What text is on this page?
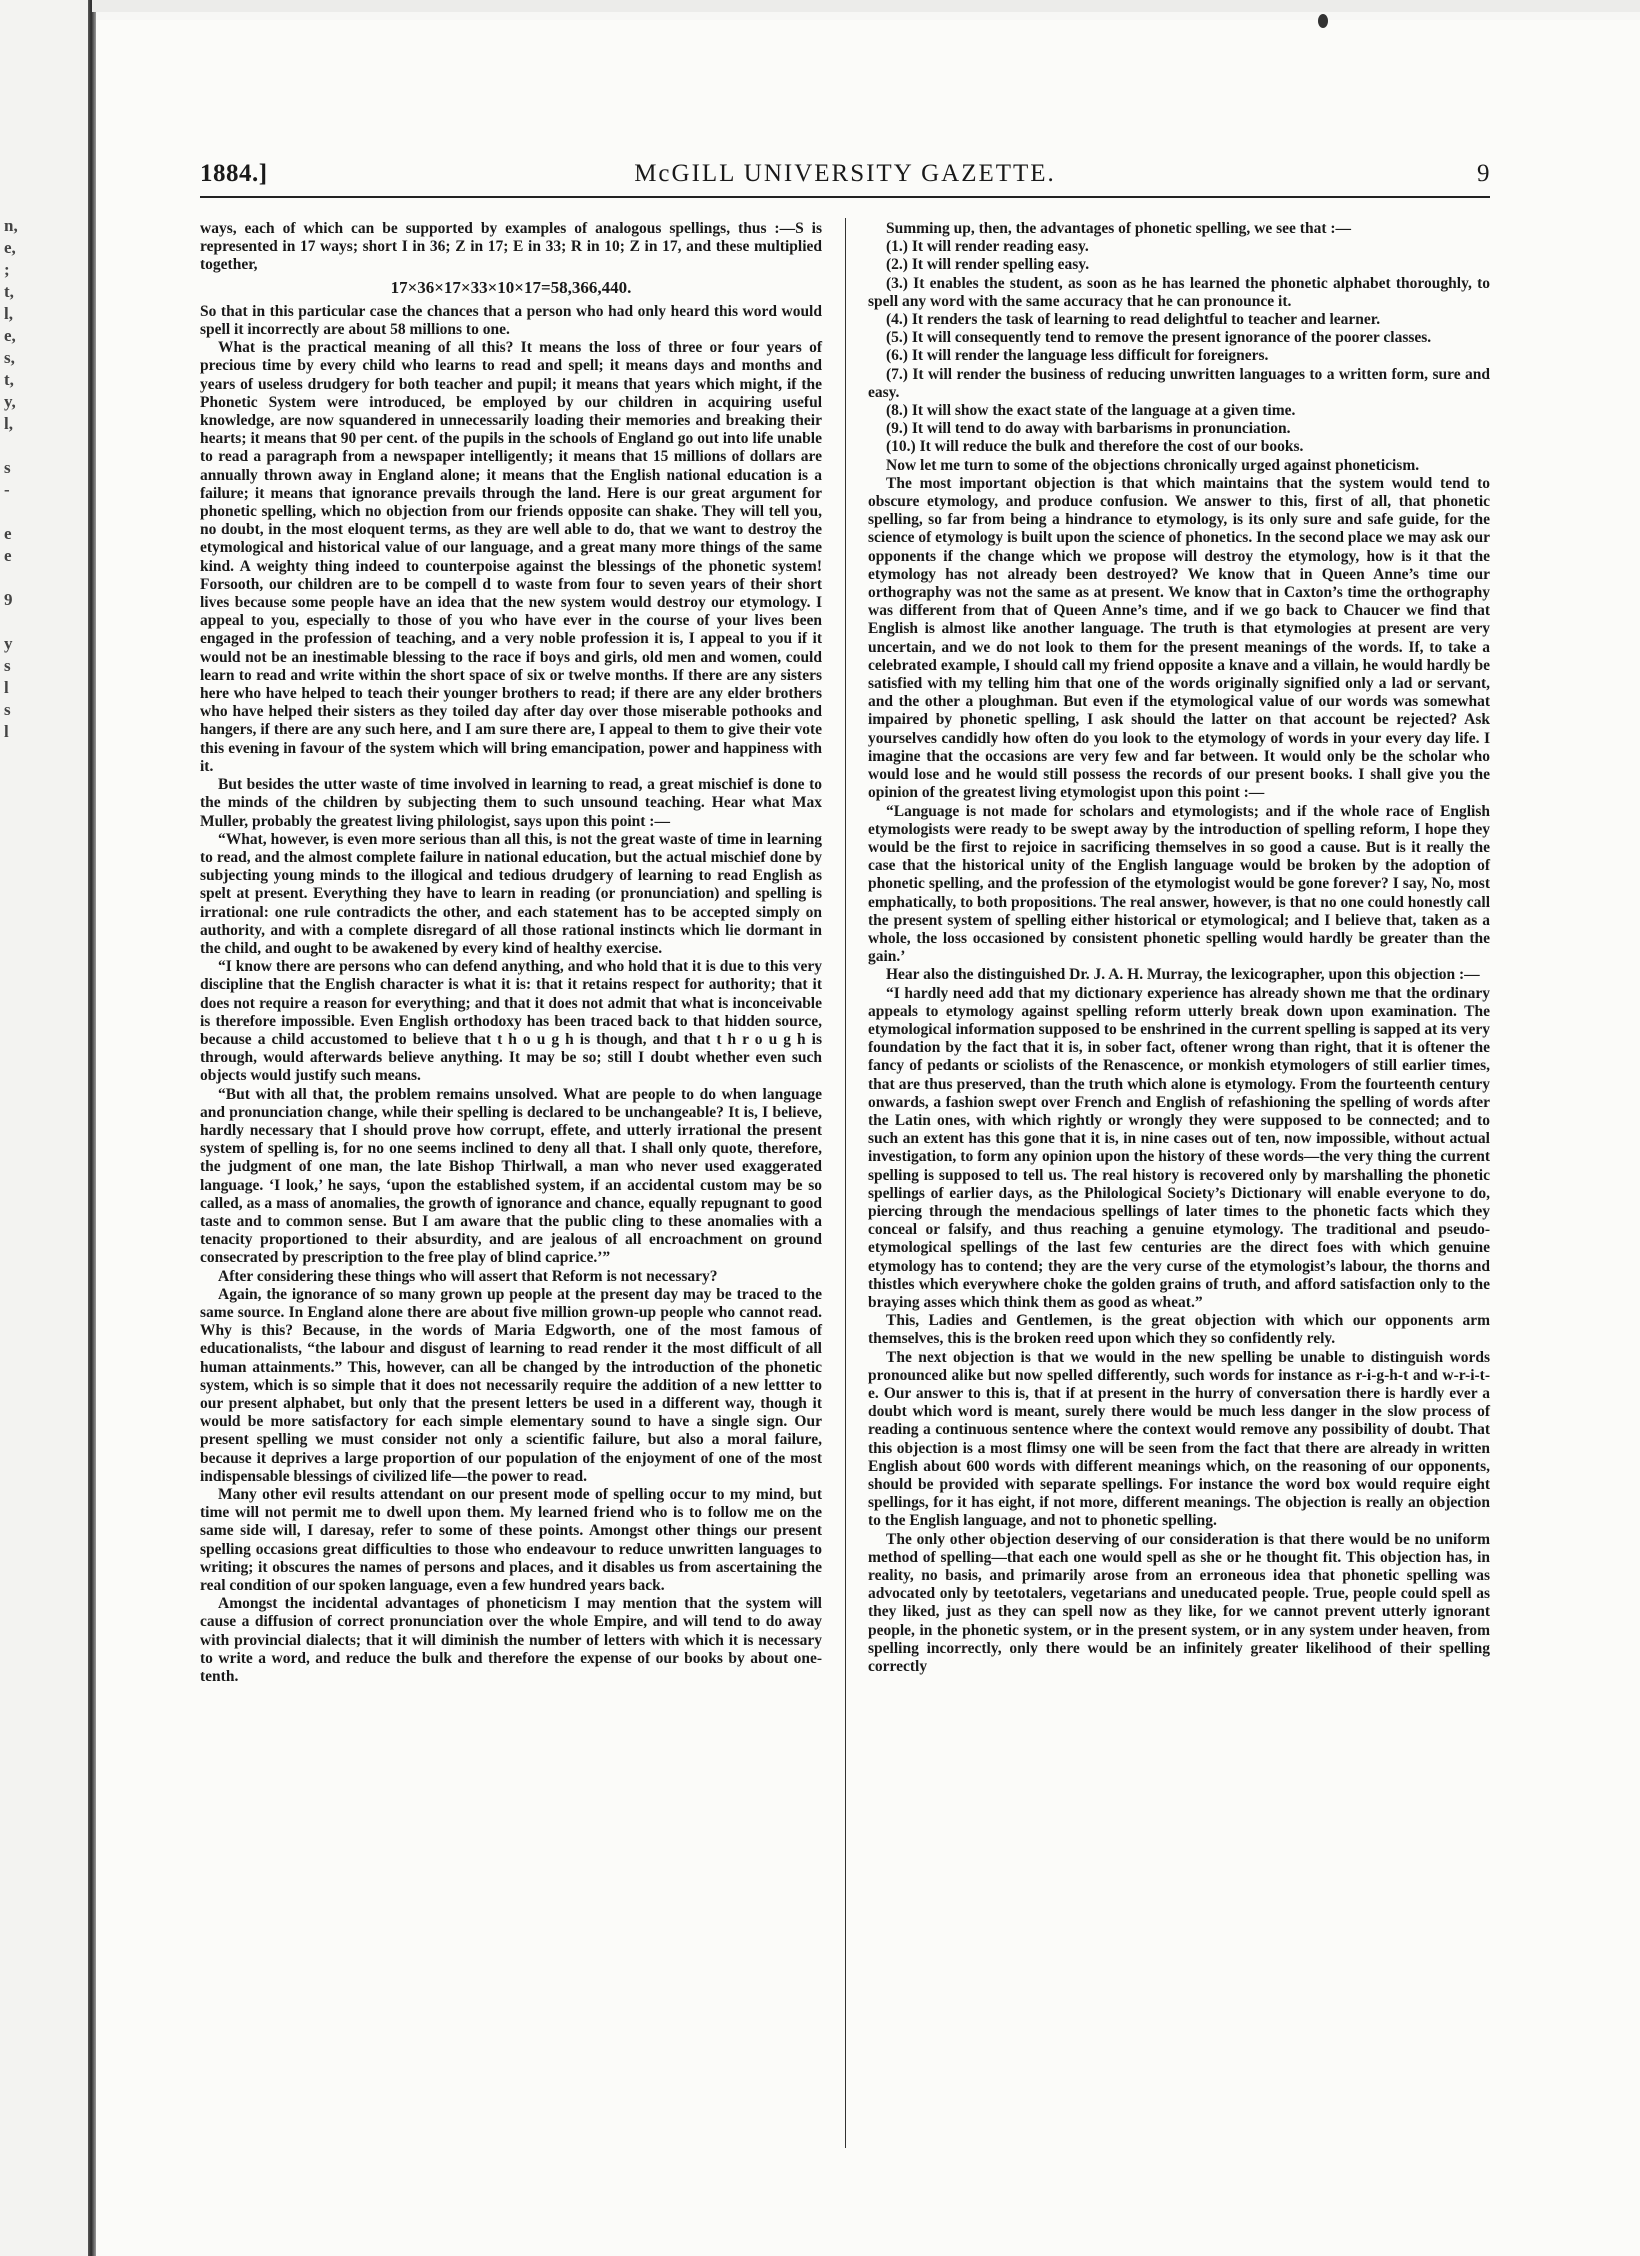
n,
e,
;
t,
l,
e,
s,
t,
y,
l,

s
-

e
e

9

y
s
l
s
l
1884.]	McGILL UNIVERSITY GAZETTE.	9

ways, each of which can be supported by examples of analogous spellings, thus :—S is represented in 17 ways; short I in 36; Z in 17; E in 33; R in 10; Z in 17, and these multiplied together,

17×36×17×33×10×17=58,366,440.

So that in this particular case the chances that a person who had only heard this word would spell it incorrectly are about 58 millions to one.

What is the practical meaning of all this? It means the loss of three or four years of precious time by every child who learns to read and spell; it means days and months and years of useless drudgery for both teacher and pupil; it means that years which might, if the Phonetic System were introduced, be employed by our children in acquiring useful knowledge, are now squandered in unnecessarily loading their memories and breaking their hearts; it means that 90 per cent. of the pupils in the schools of England go out into life unable to read a paragraph from a newspaper intelligently; it means that 15 millions of dollars are annually thrown away in England alone; it means that the English national education is a failure; it means that ignorance prevails through the land. Here is our great argument for phonetic spelling, which no objection from our friends opposite can shake. They will tell you, no doubt, in the most eloquent terms, as they are well able to do, that we want to destroy the etymological and historical value of our language, and a great many more things of the same kind. A weighty thing indeed to counterpoise against the blessings of the phonetic system! Forsooth, our children are to be compell d to waste from four to seven years of their short lives because some people have an idea that the new system would destroy our etymology. I appeal to you, especially to those of you who have ever in the course of your lives been engaged in the profession of teaching, and a very noble profession it is, I appeal to you if it would not be an inestimable blessing to the race if boys and girls, old men and women, could learn to read and write within the short space of six or twelve months. If there are any sisters here who have helped to teach their younger brothers to read; if there are any elder brothers who have helped their sisters as they toiled day after day over those miserable pothooks and hangers, if there are any such here, and I am sure there are, I appeal to them to give their vote this evening in favour of the system which will bring emancipation, power and happiness with it.

But besides the utter waste of time involved in learning to read, a great mischief is done to the minds of the children by subjecting them to such unsound teaching. Hear what Max Muller, probably the greatest living philologist, says upon this point :—

“What, however, is even more serious than all this, is not the great waste of time in learning to read, and the almost complete failure in national education, but the actual mischief done by subjecting young minds to the illogical and tedious drudgery of learning to read English as spelt at present. Everything they have to learn in reading (or pronunciation) and spelling is irrational: one rule contradicts the other, and each statement has to be accepted simply on authority, and with a complete disregard of all those rational instincts which lie dormant in the child, and ought to be awakened by every kind of healthy exercise.

“I know there are persons who can defend anything, and who hold that it is due to this very discipline that the English character is what it is: that it retains respect for authority; that it does not require a reason for everything; and that it does not admit that what is inconceivable is therefore impossible. Even English orthodoxy has been traced back to that hidden source, because a child accustomed to believe that t h o u g h is though, and that t h r o u g h is through, would afterwards believe anything. It may be so; still I doubt whether even such objects would justify such means.

“But with all that, the problem remains unsolved. What are people to do when language and pronunciation change, while their spelling is declared to be unchangeable? It is, I believe, hardly necessary that I should prove how corrupt, effete, and utterly irrational the present system of spelling is, for no one seems inclined to deny all that. I shall only quote, therefore, the judgment of one man, the late Bishop Thirlwall, a man who never used exaggerated language. ‘I look,’ he says, ‘upon the established system, if an accidental custom may be so called, as a mass of anomalies, the growth of ignorance and chance, equally repugnant to good taste and to common sense. But I am aware that the public cling to these anomalies with a tenacity proportioned to their absurdity, and are jealous of all encroachment on ground consecrated by prescription to the free play of blind caprice.’”

After considering these things who will assert that Reform is not necessary?

Again, the ignorance of so many grown up people at the present day may be traced to the same source. In England alone there are about five million grown-up people who cannot read. Why is this? Because, in the words of Maria Edgworth, one of the most famous of educationalists, “the labour and disgust of learning to read render it the most difficult of all human attainments.” This, however, can all be changed by the introduction of the phonetic system, which is so simple that it does not necessarily require the addition of a new lettter to our present alphabet, but only that the present letters be used in a different way, though it would be more satisfactory for each simple elementary sound to have a single sign. Our present spelling we must consider not only a scientific failure, but also a moral failure, because it deprives a large proportion of our population of the enjoyment of one of the most indispensable blessings of civilized life—the power to read.

Many other evil results attendant on our present mode of spelling occur to my mind, but time will not permit me to dwell upon them. My learned friend who is to follow me on the same side will, I daresay, refer to some of these points. Amongst other things our present spelling occasions great difficulties to those who endeavour to reduce unwritten languages to writing; it obscures the names of persons and places, and it disables us from ascertaining the real condition of our spoken language, even a few hundred years back.

Amongst the incidental advantages of phoneticism I may mention that the system will cause a diffusion of correct pronunciation over the whole Empire, and will tend to do away with provincial dialects; that it will diminish the number of letters with which it is necessary to write a word, and reduce the bulk and therefore the expense of our books by about one-tenth.

Summing up, then, the advantages of phonetic spelling, we see that :—

(1.) It will render reading easy.

(2.) It will render spelling easy.

(3.) It enables the student, as soon as he has learned the phonetic alphabet thoroughly, to spell any word with the same accuracy that he can pronounce it.

(4.) It renders the task of learning to read delightful to teacher and learner.

(5.) It will consequently tend to remove the present ignorance of the poorer classes.

(6.) It will render the language less difficult for foreigners.

(7.) It will render the business of reducing unwritten languages to a written form, sure and easy.

(8.) It will show the exact state of the language at a given time.

(9.) It will tend to do away with barbarisms in pronunciation.

(10.) It will reduce the bulk and therefore the cost of our books.

Now let me turn to some of the objections chronically urged against phoneticism.

The most important objection is that which maintains that the system would tend to obscure etymology, and produce confusion. We answer to this, first of all, that phonetic spelling, so far from being a hindrance to etymology, is its only sure and safe guide, for the science of etymology is built upon the science of phonetics. In the second place we may ask our opponents if the change which we propose will destroy the etymology, how is it that the etymology has not already been destroyed? We know that in Queen Anne’s time our orthography was not the same as at present. We know that in Caxton’s time the orthography was different from that of Queen Anne’s time, and if we go back to Chaucer we find that English is almost like another language. The truth is that etymologies at present are very uncertain, and we do not look to them for the present meanings of the words. If, to take a celebrated example, I should call my friend opposite a knave and a villain, he would hardly be satisfied with my telling him that one of the words originally signified only a lad or servant, and the other a ploughman. But even if the etymological value of our words was somewhat impaired by phonetic spelling, I ask should the latter on that account be rejected? Ask yourselves candidly how often do you look to the etymology of words in your every day life. I imagine that the occasions are very few and far between. It would only be the scholar who would lose and he would still possess the records of our present books. I shall give you the opinion of the greatest living etymologist upon this point :—

“Language is not made for scholars and etymologists; and if the whole race of English etymologists were ready to be swept away by the introduction of spelling reform, I hope they would be the first to rejoice in sacrificing themselves in so good a cause. But is it really the case that the historical unity of the English language would be broken by the adoption of phonetic spelling, and the profession of the etymologist would be gone forever? I say, No, most emphatically, to both propositions. The real answer, however, is that no one could honestly call the present system of spelling either historical or etymological; and I believe that, taken as a whole, the loss occasioned by consistent phonetic spelling would hardly be greater than the gain.’

Hear also the distinguished Dr. J. A. H. Murray, the lexicographer, upon this objection :—

“I hardly need add that my dictionary experience has already shown me that the ordinary appeals to etymology against spelling reform utterly break down upon examination. The etymological information supposed to be enshrined in the current spelling is sapped at its very foundation by the fact that it is, in sober fact, oftener wrong than right, that it is oftener the fancy of pedants or sciolists of the Renascence, or monkish etymologers of still earlier times, that are thus preserved, than the truth which alone is etymology. From the fourteenth century onwards, a fashion swept over French and English of refashioning the spelling of words after the Latin ones, with which rightly or wrongly they were supposed to be connected; and to such an extent has this gone that it is, in nine cases out of ten, now impossible, without actual investigation, to form any opinion upon the history of these words—the very thing the current spelling is supposed to tell us. The real history is recovered only by marshalling the phonetic spellings of earlier days, as the Philological Society’s Dictionary will enable everyone to do, piercing through the mendacious spellings of later times to the phonetic facts which they conceal or falsify, and thus reaching a genuine etymology. The traditional and pseudo-etymological spellings of the last few centuries are the direct foes with which genuine etymology has to contend; they are the very curse of the etymologist’s labour, the thorns and thistles which everywhere choke the golden grains of truth, and afford satisfaction only to the braying asses which think them as good as wheat.”

This, Ladies and Gentlemen, is the great objection with which our opponents arm themselves, this is the broken reed upon which they so confidently rely.

The next objection is that we would in the new spelling be unable to distinguish words pronounced alike but now spelled differently, such words for instance as r-i-g-h-t and w-r-i-t-e. Our answer to this is, that if at present in the hurry of conversation there is hardly ever a doubt which word is meant, surely there would be much less danger in the slow process of reading a continuous sentence where the context would remove any possibility of doubt. That this objection is a most flimsy one will be seen from the fact that there are already in written English about 600 words with different meanings which, on the reasoning of our opponents, should be provided with separate spellings. For instance the word box would require eight spellings, for it has eight, if not more, different meanings. The objection is really an objection to the English language, and not to phonetic spelling.

The only other objection deserving of our consideration is that there would be no uniform method of spelling—that each one would spell as she or he thought fit. This objection has, in reality, no basis, and primarily arose from an erroneous idea that phonetic spelling was advocated only by teetotalers, vegetarians and uneducated people. True, people could spell as they liked, just as they can spell now as they like, for we cannot prevent utterly ignorant people, in the phonetic system, or in the present system, or in any system under heaven, from spelling incorrectly, only there would be an infinitely greater likelihood of their spelling correctly
